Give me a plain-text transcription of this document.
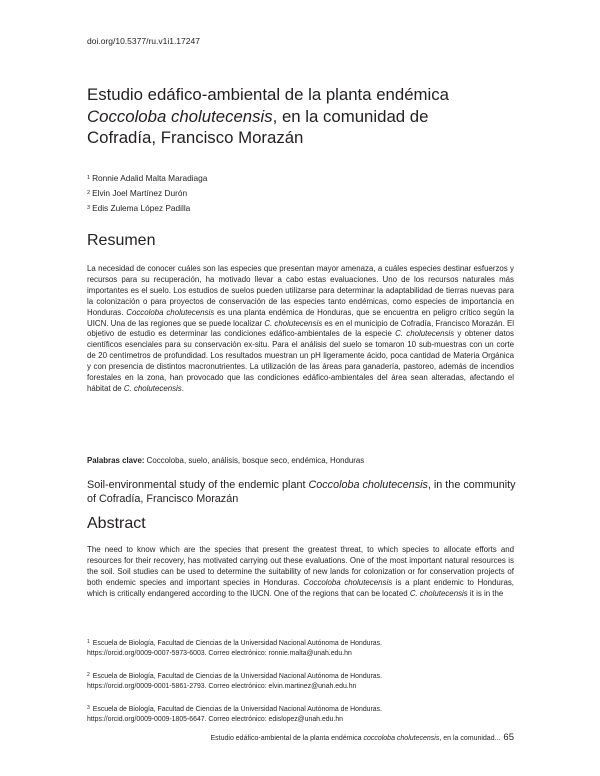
doi.org/10.5377/ru.v1i1.17247
Estudio edáfico-ambiental de la planta endémica
Coccoloba cholutecensis, en la comunidad de
Cofradía, Francisco Morazán
$^1$ Ronnie Adalid Malta Maradiaga
$^2$ Elvin Joel Martínez Durón
$^3$ Edis Zulema López Padilla
Resumen
La necesidad de conocer cuáles son las especies que presentan mayor amenaza, a cuáles especies destinar esfuerzos y recursos para su recuperación, ha motivado llevar a cabo estas evaluaciones. Uno de los recursos naturales más importantes es el suelo. Los estudios de suelos pueden utilizarse para determinar la adaptabilidad de tierras nuevas para la colonización o para proyectos de conservación de las especies tanto endémicas, como especies de importancia en Honduras. Coccoloba cholutecensis es una planta endémica de Honduras, que se encuentra en peligro crítico según la UICN. Una de las regiones que se puede localizar C. cholutecensis es en el municipio de Cofradía, Francisco Morazán. El objetivo de estudio es determinar las condiciones edáfico-ambientales de la especie C. cholutecensis y obtener datos científicos esenciales para su conservación ex-situ. Para el análisis del suelo se tomaron 10 sub-muestras con un corte de 20 centímetros de profundidad. Los resultados muestran un pH ligeramente ácido, poca cantidad de Materia Orgánica y con presencia de distintos macronutrientes. La utilización de las áreas para ganadería, pastoreo, además de incendios forestales en la zona, han provocado que las condiciones edáfico-ambientales del área sean alteradas, afectando el hábitat de C. cholutecensis.
Palabras clave: Coccoloba, suelo, análisis, bosque seco, endémica, Honduras
Soil-environmental study of the endemic plant Coccoloba cholutecensis, in the community of Cofradía, Francisco Morazán
Abstract
The need to know which are the species that present the greatest threat, to which species to allocate efforts and resources for their recovery, has motivated carrying out these evaluations. One of the most important natural resources is the soil. Soil studies can be used to determine the suitability of new lands for colonization or for conservation projects of both endemic species and important species in Honduras. Coccoloba cholutecensis is a plant endemic to Honduras, which is critically endangered according to the IUCN. One of the regions that can be located C. cholutecensis it is in the
$^1$ Escuela de Biología, Facultad de Ciencias de la Universidad Nacional Autónoma de Honduras.
https://orcid.org/0009-0007-5973-6003. Correo electrónico: ronnie.malta@unah.edu.hn
$^2$ Escuela de Biología, Facultad de Ciencias de la Universidad Nacional Autónoma de Honduras.
https://orcid.org/0009-0001-5861-2793. Correo electrónico: elvin.martinez@unah.edu.hn
$^3$ Escuela de Biología, Facultad de Ciencias de la Universidad Nacional Autónoma de Honduras.
https://orcid.org/0009-0009-1805-6647. Correo electrónico: edislopez@unah.edu.hn
Estudio edáfico-ambiental de la planta endémica coccoloba cholutecensis, en la comunidad... 65
